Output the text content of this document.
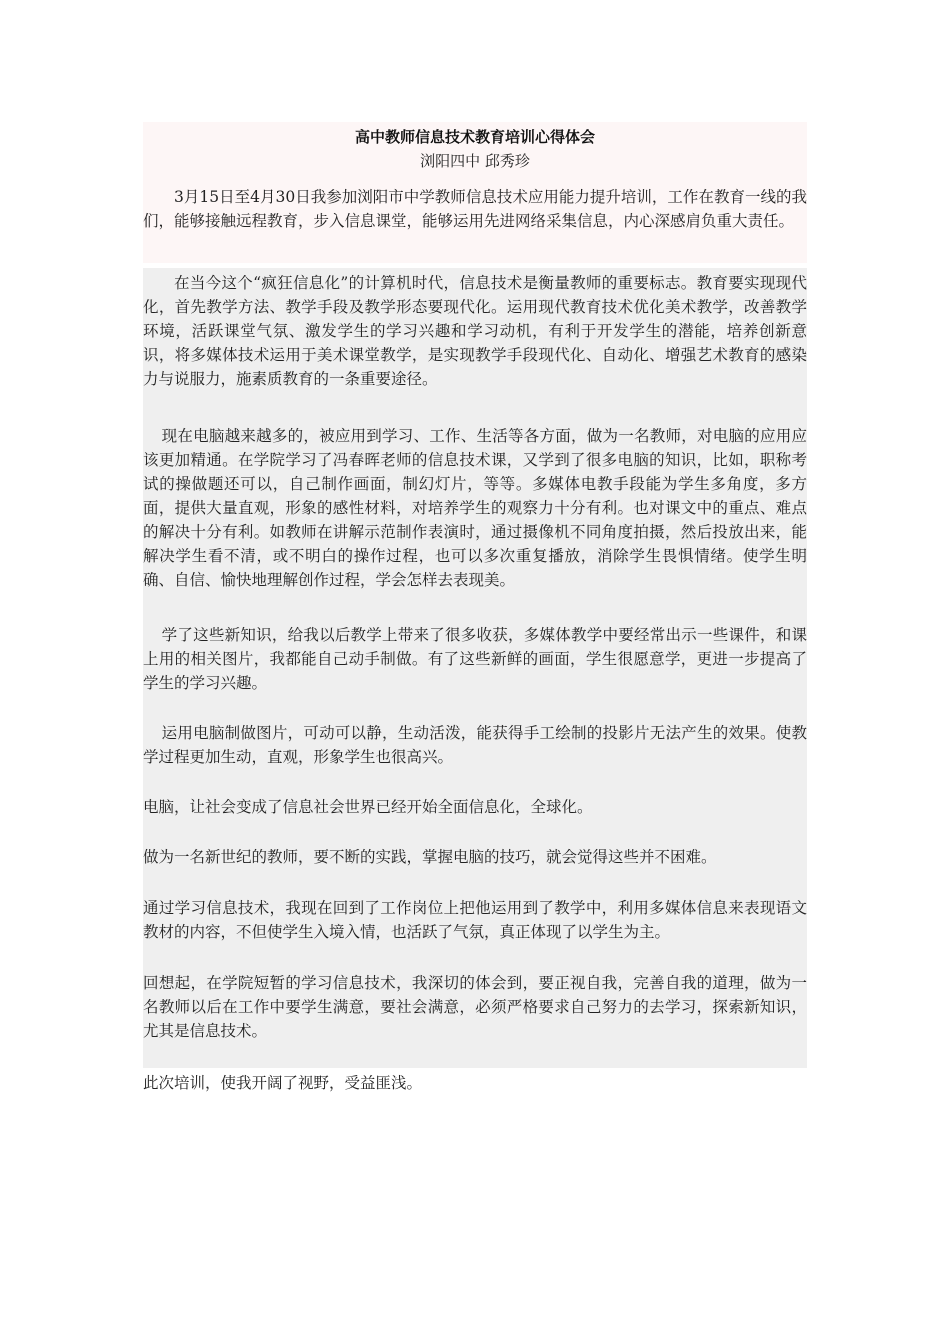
高中教师信息技术教育培训心得体会
浏阳四中 邱秀珍

3月15日至4月30日我参加浏阳市中学教师信息技术应用能力提升培训，工作在教育一线的我们，能够接触远程教育，步入信息课堂，能够运用先进网络采集信息，内心深感肩负重大责任。

在当今这个“疯狂信息化”的计算机时代，信息技术是衡量教师的重要标志。教育要实现现代化，首先教学方法、教学手段及教学形态要现代化。运用现代教育技术优化美术教学，改善教学环境，活跃课堂气氛、激发学生的学习兴趣和学习动机，有利于开发学生的潜能，培养创新意识，将多媒体技术运用于美术课堂教学，是实现教学手段现代化、自动化、增强艺术教育的感染力与说服力，施素质教育的一条重要途径。

现在电脑越来越多的，被应用到学习、工作、生活等各方面，做为一名教师，对电脑的应用应该更加精通。在学院学习了冯春晖老师的信息技术课，又学到了很多电脑的知识，比如，职称考试的操做题还可以，自己制作画面，制幻灯片，等等。多媒体电教手段能为学生多角度，多方面，提供大量直观，形象的感性材料，对培养学生的观察力十分有利。也对课文中的重点、难点的解决十分有利。如教师在讲解示范制作表演时，通过摄像机不同角度拍摄，然后投放出来，能解决学生看不清，或不明白的操作过程，也可以多次重复播放，消除学生畏惧情绪。使学生明确、自信、愉快地理解创作过程，学会怎样去表现美。

学了这些新知识，给我以后教学上带来了很多收获，多媒体教学中要经常出示一些课件，和课上用的相关图片，我都能自己动手制做。有了这些新鲜的画面，学生很愿意学，更进一步提高了学生的学习兴趣。

运用电脑制做图片，可动可以静，生动活泼，能获得手工绘制的投影片无法产生的效果。使教学过程更加生动，直观，形象学生也很高兴。

电脑，让社会变成了信息社会世界已经开始全面信息化，全球化。

做为一名新世纪的教师，要不断的实践，掌握电脑的技巧，就会觉得这些并不困难。

通过学习信息技术，我现在回到了工作岗位上把他运用到了教学中，利用多媒体信息来表现语文教材的内容，不但使学生入境入情，也活跃了气氛，真正体现了以学生为主。

回想起，在学院短暂的学习信息技术，我深切的体会到，要正视自我，完善自我的道理，做为一名教师以后在工作中要学生满意，要社会满意，必须严格要求自己努力的去学习，探索新知识，尤其是信息技术。

此次培训，使我开阔了视野，受益匪浅。
